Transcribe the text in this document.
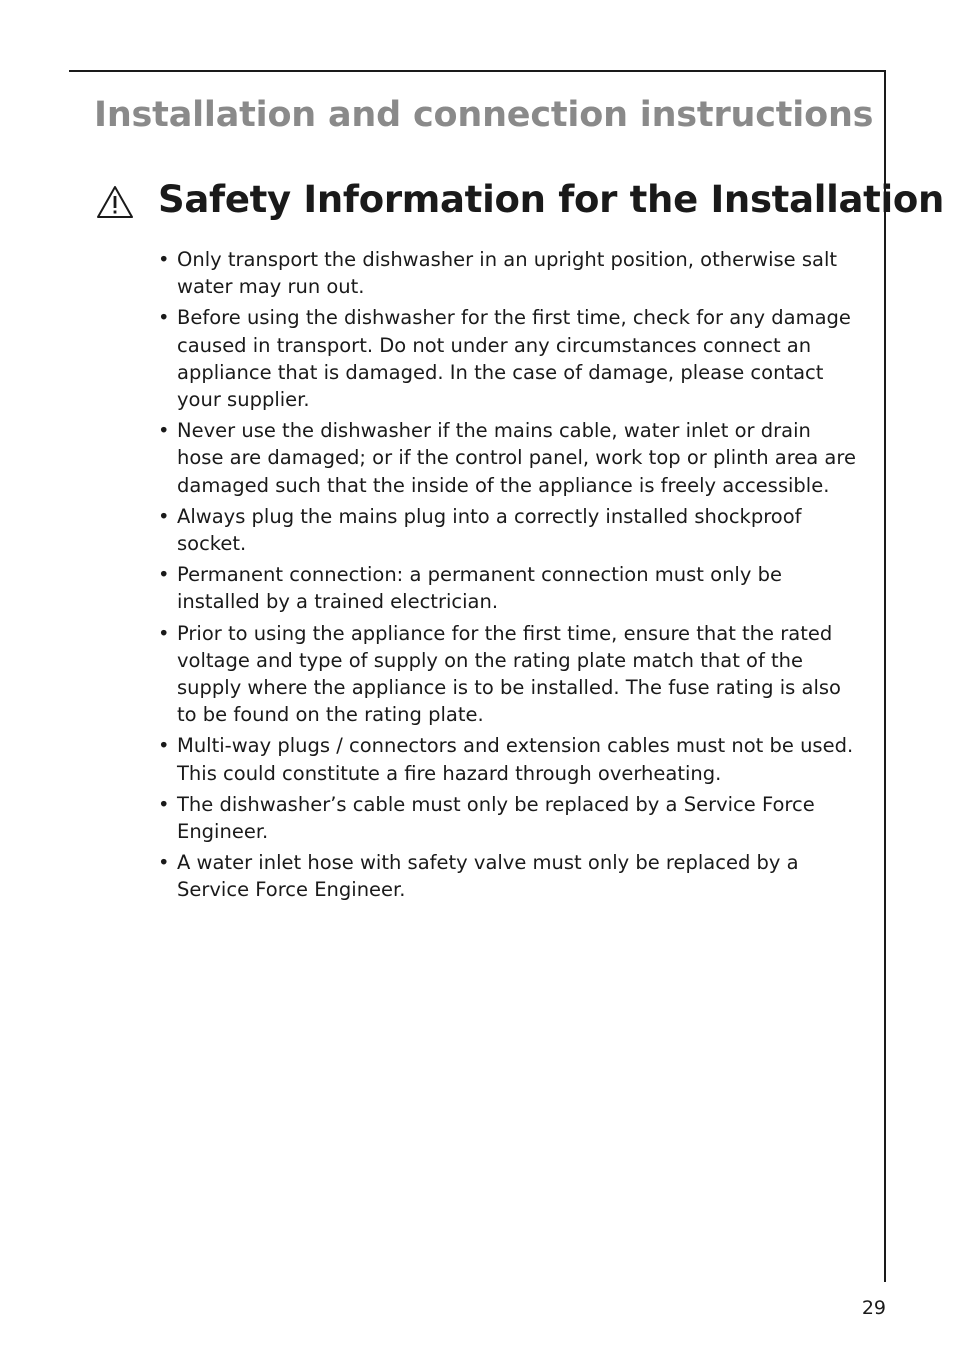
Installation and connection instructions
Safety Information for the Installation
• Only transport the dishwasher in an upright position, otherwise salt water may run out.
• Before using the dishwasher for the first time, check for any damage caused in transport. Do not under any circumstances connect an appliance that is damaged. In the case of damage, please contact your supplier.
• Never use the dishwasher if the mains cable, water inlet or drain hose are damaged; or if the control panel, work top or plinth area are damaged such that the inside of the appliance is freely accessible.
• Always plug the mains plug into a correctly installed shockproof socket.
• Permanent connection: a permanent connection must only be installed by a trained electrician.
• Prior to using the appliance for the first time, ensure that the rated voltage and type of supply on the rating plate match that of the supply where the appliance is to be installed. The fuse rating is also to be found on the rating plate.
• Multi-way plugs / connectors and extension cables must not be used. This could constitute a fire hazard through overheating.
• The dishwasher’s cable must only be replaced by a Service Force Engineer.
• A water inlet hose with safety valve must only be replaced by a Service Force Engineer.
29
